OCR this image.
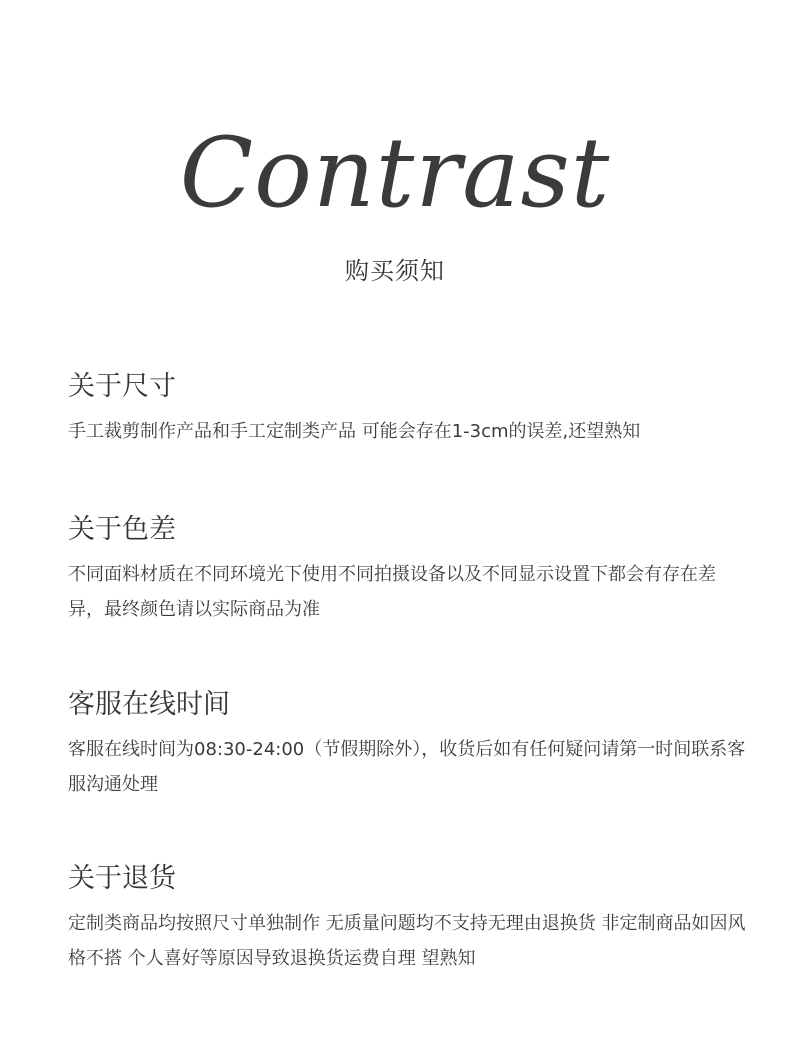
Contrast
购买须知
关于尺寸

手工裁剪制作产品和手工定制类产品 可能会存在1-3cm的误差,还望熟知

关于色差

不同面料材质在不同环境光下使用不同拍摄设备以及不同显示设置下都会有存在差异，最终颜色请以实际商品为准

客服在线时间

客服在线时间为08:30-24:00（节假期除外），收货后如有任何疑问请第一时间联系客服沟通处理

关于退货

定制类商品均按照尺寸单独制作 无质量问题均不支持无理由退换货 非定制商品如因风格不搭 个人喜好等原因导致退换货运费自理 望熟知
